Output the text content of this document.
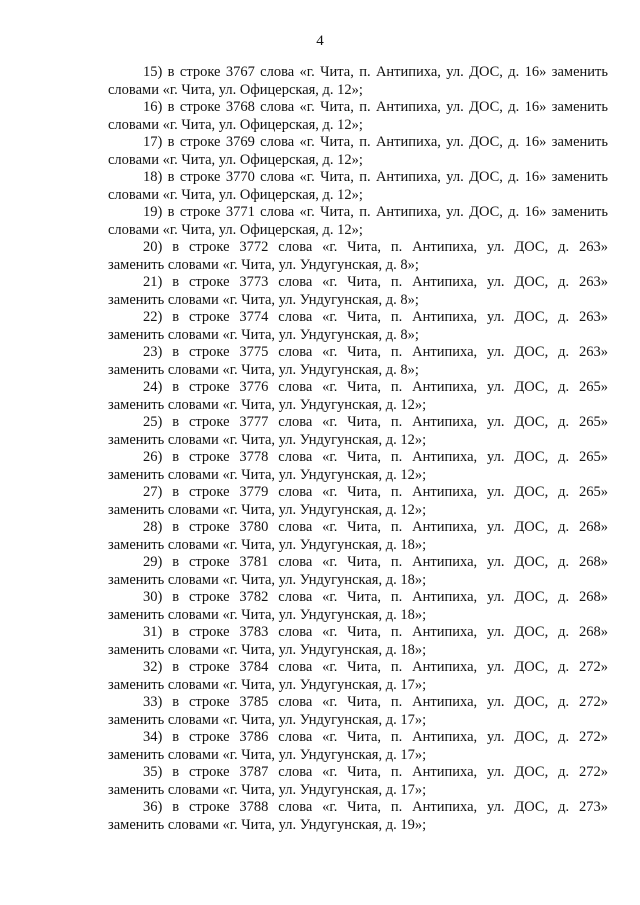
4
15) в строке 3767 слова «г. Чита, п. Антипиха, ул. ДОС, д. 16» заменить
словами «г. Чита, ул. Офицерская, д. 12»;
16) в строке 3768 слова «г. Чита, п. Антипиха, ул. ДОС, д. 16» заменить
словами «г. Чита, ул. Офицерская, д. 12»;
17) в строке 3769 слова «г. Чита, п. Антипиха, ул. ДОС, д. 16» заменить
словами «г. Чита, ул. Офицерская, д. 12»;
18) в строке 3770 слова «г. Чита, п. Антипиха, ул. ДОС, д. 16» заменить
словами «г. Чита, ул. Офицерская, д. 12»;
19) в строке 3771 слова «г. Чита, п. Антипиха, ул. ДОС, д. 16» заменить
словами «г. Чита, ул. Офицерская, д. 12»;
20) в строке 3772 слова «г. Чита, п. Антипиха, ул. ДОС, д. 263»
заменить словами «г. Чита, ул. Ундугунская, д. 8»;
21) в строке 3773 слова «г. Чита, п. Антипиха, ул. ДОС, д. 263»
заменить словами «г. Чита, ул. Ундугунская, д. 8»;
22) в строке 3774 слова «г. Чита, п. Антипиха, ул. ДОС, д. 263»
заменить словами «г. Чита, ул. Ундугунская, д. 8»;
23) в строке 3775 слова «г. Чита, п. Антипиха, ул. ДОС, д. 263»
заменить словами «г. Чита, ул. Ундугунская, д. 8»;
24) в строке 3776 слова «г. Чита, п. Антипиха, ул. ДОС, д. 265»
заменить словами «г. Чита, ул. Ундугунская, д. 12»;
25) в строке 3777 слова «г. Чита, п. Антипиха, ул. ДОС, д. 265»
заменить словами «г. Чита, ул. Ундугунская, д. 12»;
26) в строке 3778 слова «г. Чита, п. Антипиха, ул. ДОС, д. 265»
заменить словами «г. Чита, ул. Ундугунская, д. 12»;
27) в строке 3779 слова «г. Чита, п. Антипиха, ул. ДОС, д. 265»
заменить словами «г. Чита, ул. Ундугунская, д. 12»;
28) в строке 3780 слова «г. Чита, п. Антипиха, ул. ДОС, д. 268»
заменить словами «г. Чита, ул. Ундугунская, д. 18»;
29) в строке 3781 слова «г. Чита, п. Антипиха, ул. ДОС, д. 268»
заменить словами «г. Чита, ул. Ундугунская, д. 18»;
30) в строке 3782 слова «г. Чита, п. Антипиха, ул. ДОС, д. 268»
заменить словами «г. Чита, ул. Ундугунская, д. 18»;
31) в строке 3783 слова «г. Чита, п. Антипиха, ул. ДОС, д. 268»
заменить словами «г. Чита, ул. Ундугунская, д. 18»;
32) в строке 3784 слова «г. Чита, п. Антипиха, ул. ДОС, д. 272»
заменить словами «г. Чита, ул. Ундугунская, д. 17»;
33) в строке 3785 слова «г. Чита, п. Антипиха, ул. ДОС, д. 272»
заменить словами «г. Чита, ул. Ундугунская, д. 17»;
34) в строке 3786 слова «г. Чита, п. Антипиха, ул. ДОС, д. 272»
заменить словами «г. Чита, ул. Ундугунская, д. 17»;
35) в строке 3787 слова «г. Чита, п. Антипиха, ул. ДОС, д. 272»
заменить словами «г. Чита, ул. Ундугунская, д. 17»;
36) в строке 3788 слова «г. Чита, п. Антипиха, ул. ДОС, д. 273»
заменить словами «г. Чита, ул. Ундугунская, д. 19»;
